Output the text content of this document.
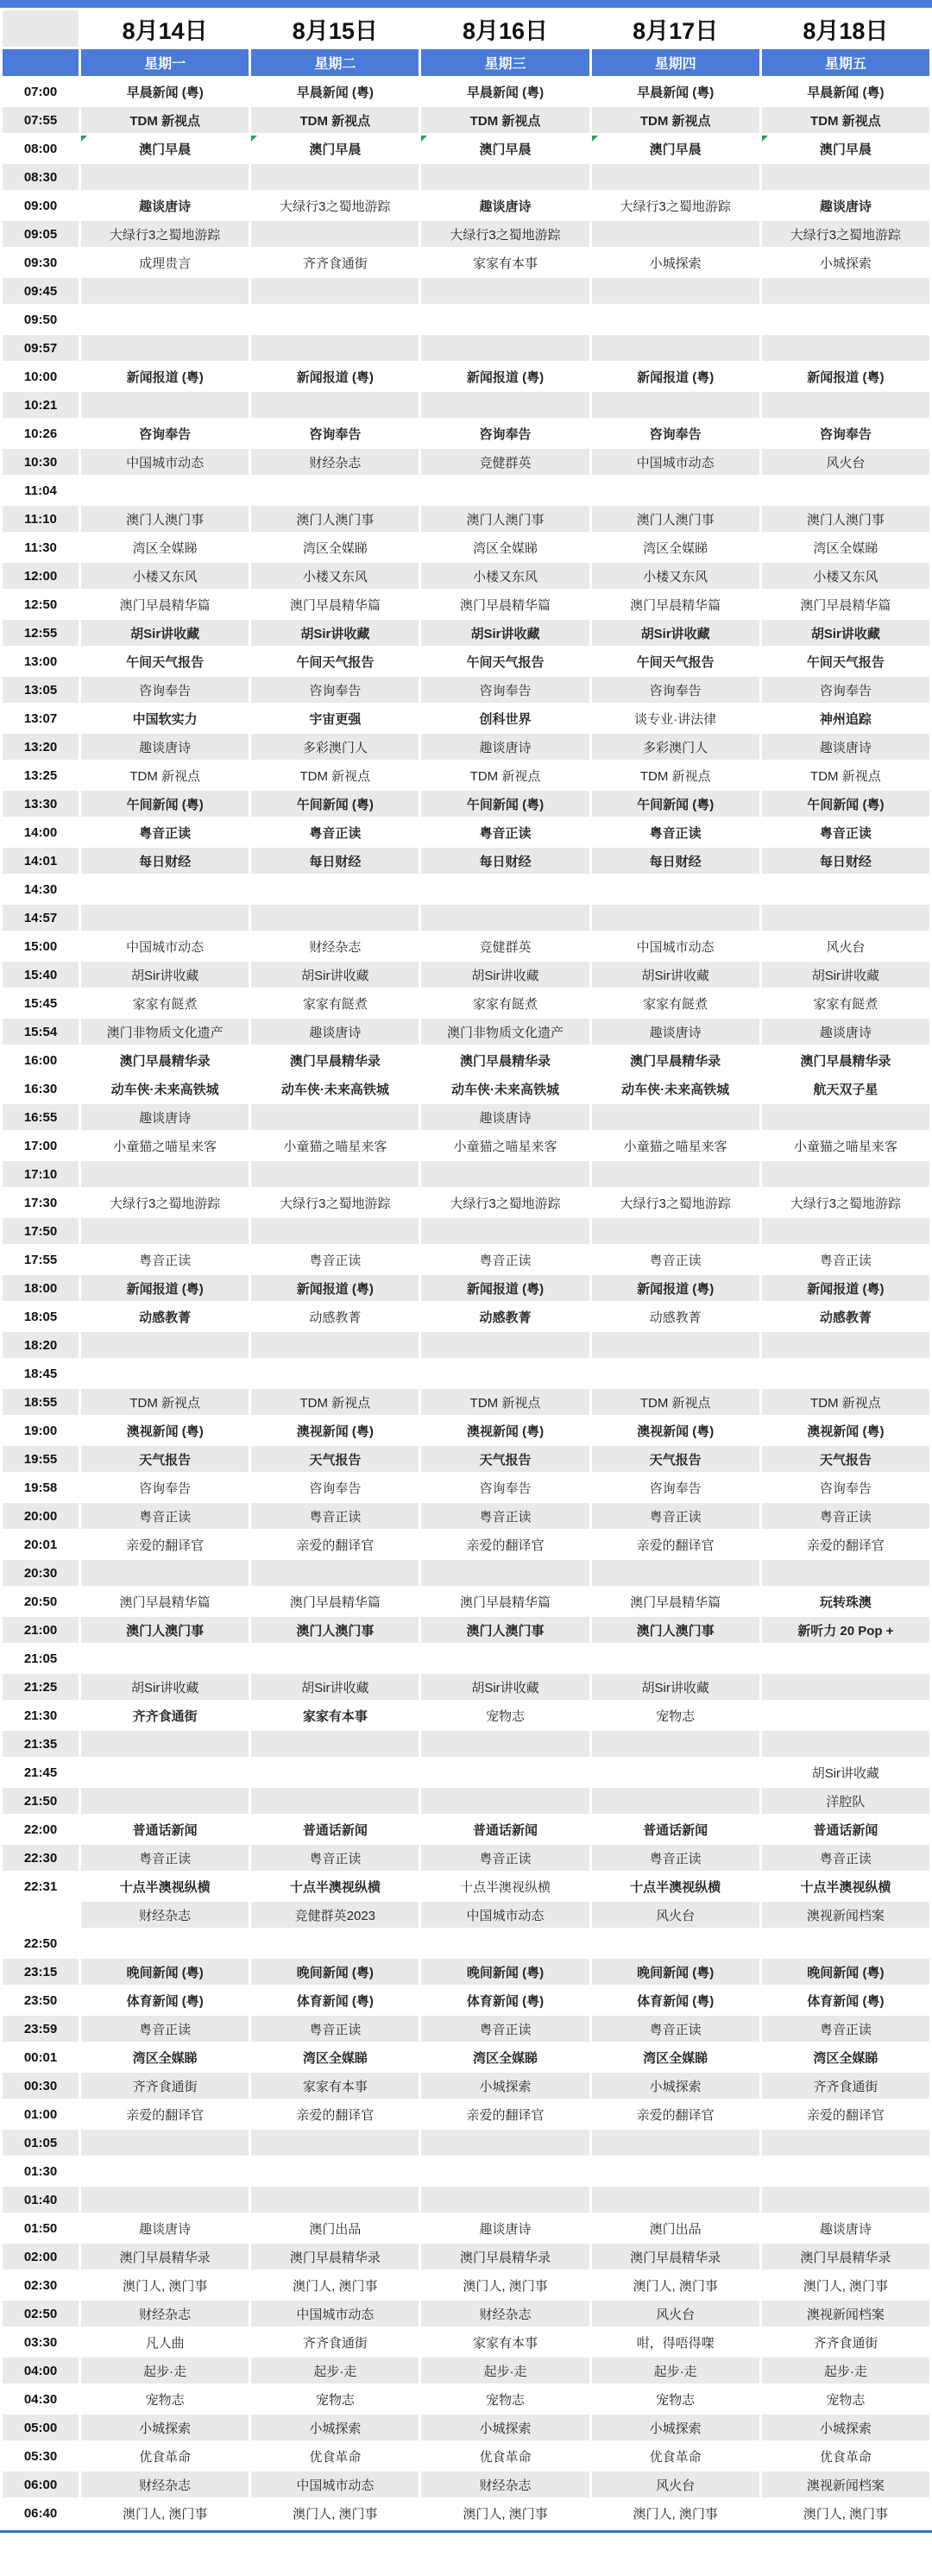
	8月14日	8月15日	8月16日	8月17日	8月18日
	星期一	星期二	星期三	星期四	星期五
07:00	早晨新闻 (粤)	早晨新闻 (粤)	早晨新闻 (粤)	早晨新闻 (粤)	早晨新闻 (粤)
07:55	TDM 新视点	TDM 新视点	TDM 新视点	TDM 新视点	TDM 新视点
08:00	澳门早晨	澳门早晨	澳门早晨	澳门早晨	澳门早晨
08:30					
09:00	趣谈唐诗	大绿行3之蜀地游踪	趣谈唐诗	大绿行3之蜀地游踪	趣谈唐诗
09:05	大绿行3之蜀地游踪		大绿行3之蜀地游踪		大绿行3之蜀地游踪
09:30	成理贵言	齐齐食通街	家家有本事	小城探索	小城探索
09:45					
09:50					
09:57					
10:00	新闻报道 (粤)	新闻报道 (粤)	新闻报道 (粤)	新闻报道 (粤)	新闻报道 (粤)
10:21					
10:26	咨询奉告	咨询奉告	咨询奉告	咨询奉告	咨询奉告
10:30	中国城市动态	财经杂志	竞健群英	中国城市动态	风火台
11:04					
11:10	澳门人澳门事	澳门人澳门事	澳门人澳门事	澳门人澳门事	澳门人澳门事
11:30	湾区全媒睇	湾区全媒睇	湾区全媒睇	湾区全媒睇	湾区全媒睇
12:00	小楼又东风	小楼又东风	小楼又东风	小楼又东风	小楼又东风
12:50	澳门早晨精华篇	澳门早晨精华篇	澳门早晨精华篇	澳门早晨精华篇	澳门早晨精华篇
12:55	胡Sir讲收藏	胡Sir讲收藏	胡Sir讲收藏	胡Sir讲收藏	胡Sir讲收藏
13:00	午间天气报告	午间天气报告	午间天气报告	午间天气报告	午间天气报告
13:05	咨询奉告	咨询奉告	咨询奉告	咨询奉告	咨询奉告
13:07	中国软实力	宇宙更强	创科世界	谈专业·讲法律	神州追踪
13:20	趣谈唐诗	多彩澳门人	趣谈唐诗	多彩澳门人	趣谈唐诗
13:25	TDM 新视点	TDM 新视点	TDM 新视点	TDM 新视点	TDM 新视点
13:30	午间新闻 (粤)	午间新闻 (粤)	午间新闻 (粤)	午间新闻 (粤)	午间新闻 (粤)
14:00	粤音正读	粤音正读	粤音正读	粤音正读	粤音正读
14:01	每日财经	每日财经	每日财经	每日财经	每日财经
14:30					
14:57					
15:00	中国城市动态	财经杂志	竞健群英	中国城市动态	风火台
15:40	胡Sir讲收藏	胡Sir讲收藏	胡Sir讲收藏	胡Sir讲收藏	胡Sir讲收藏
15:45	家家有餸煮	家家有餸煮	家家有餸煮	家家有餸煮	家家有餸煮
15:54	澳门非物质文化遗产	趣谈唐诗	澳门非物质文化遗产	趣谈唐诗	趣谈唐诗
16:00	澳门早晨精华录	澳门早晨精华录	澳门早晨精华录	澳门早晨精华录	澳门早晨精华录
16:30	动车侠·未来高铁城	动车侠·未来高铁城	动车侠·未来高铁城	动车侠·未来高铁城	航天双子星
16:55	趣谈唐诗		趣谈唐诗		
17:00	小童猫之喵星来客	小童猫之喵星来客	小童猫之喵星来客	小童猫之喵星来客	小童猫之喵星来客
17:10					
17:30	大绿行3之蜀地游踪	大绿行3之蜀地游踪	大绿行3之蜀地游踪	大绿行3之蜀地游踪	大绿行3之蜀地游踪
17:50					
17:55	粤音正读	粤音正读	粤音正读	粤音正读	粤音正读
18:00	新闻报道 (粤)	新闻报道 (粤)	新闻报道 (粤)	新闻报道 (粤)	新闻报道 (粤)
18:05	动感教菁	动感教菁	动感教菁	动感教菁	动感教菁
18:20					
18:45					
18:55	TDM 新视点	TDM 新视点	TDM 新视点	TDM 新视点	TDM 新视点
19:00	澳视新闻 (粤)	澳视新闻 (粤)	澳视新闻 (粤)	澳视新闻 (粤)	澳视新闻 (粤)
19:55	天气报告	天气报告	天气报告	天气报告	天气报告
19:58	咨询奉告	咨询奉告	咨询奉告	咨询奉告	咨询奉告
20:00	粤音正读	粤音正读	粤音正读	粤音正读	粤音正读
20:01	亲爱的翻译官	亲爱的翻译官	亲爱的翻译官	亲爱的翻译官	亲爱的翻译官
20:30					
20:50	澳门早晨精华篇	澳门早晨精华篇	澳门早晨精华篇	澳门早晨精华篇	玩转珠澳
21:00	澳门人澳门事	澳门人澳门事	澳门人澳门事	澳门人澳门事	新听力 20 Pop +
21:05					
21:25	胡Sir讲收藏	胡Sir讲收藏	胡Sir讲收藏	胡Sir讲收藏	
21:30	齐齐食通街	家家有本事	宠物志	宠物志	
21:35					
21:45					胡Sir讲收藏
21:50					洋腔队
22:00	普通话新闻	普通话新闻	普通话新闻	普通话新闻	普通话新闻
22:30	粤音正读	粤音正读	粤音正读	粤音正读	粤音正读
22:31	十点半澳视纵横	十点半澳视纵横	十点半澳视纵横	十点半澳视纵横	十点半澳视纵横
	财经杂志	竞健群英2023	中国城市动态	风火台	澳视新闻档案
22:50					
23:15	晚间新闻 (粤)	晚间新闻 (粤)	晚间新闻 (粤)	晚间新闻 (粤)	晚间新闻 (粤)
23:50	体育新闻 (粤)	体育新闻 (粤)	体育新闻 (粤)	体育新闻 (粤)	体育新闻 (粤)
23:59	粤音正读	粤音正读	粤音正读	粤音正读	粤音正读
00:01	湾区全媒睇	湾区全媒睇	湾区全媒睇	湾区全媒睇	湾区全媒睇
00:30	齐齐食通街	家家有本事	小城探索	小城探索	齐齐食通街
01:00	亲爱的翻译官	亲爱的翻译官	亲爱的翻译官	亲爱的翻译官	亲爱的翻译官
01:05					
01:30					
01:40					
01:50	趣谈唐诗	澳门出品	趣谈唐诗	澳门出品	趣谈唐诗
02:00	澳门早晨精华录	澳门早晨精华录	澳门早晨精华录	澳门早晨精华录	澳门早晨精华录
02:30	澳门人, 澳门事	澳门人, 澳门事	澳门人, 澳门事	澳门人, 澳门事	澳门人, 澳门事
02:50	财经杂志	中国城市动态	财经杂志	风火台	澳视新闻档案
03:30	凡人曲	齐齐食通街	家家有本事	咁，得唔得㗎	齐齐食通街
04:00	起步·走	起步·走	起步·走	起步·走	起步·走
04:30	宠物志	宠物志	宠物志	宠物志	宠物志
05:00	小城探索	小城探索	小城探索	小城探索	小城探索
05:30	优食革命	优食革命	优食革命	优食革命	优食革命
06:00	财经杂志	中国城市动态	财经杂志	风火台	澳视新闻档案
06:40	澳门人, 澳门事	澳门人, 澳门事	澳门人, 澳门事	澳门人, 澳门事	澳门人, 澳门事
